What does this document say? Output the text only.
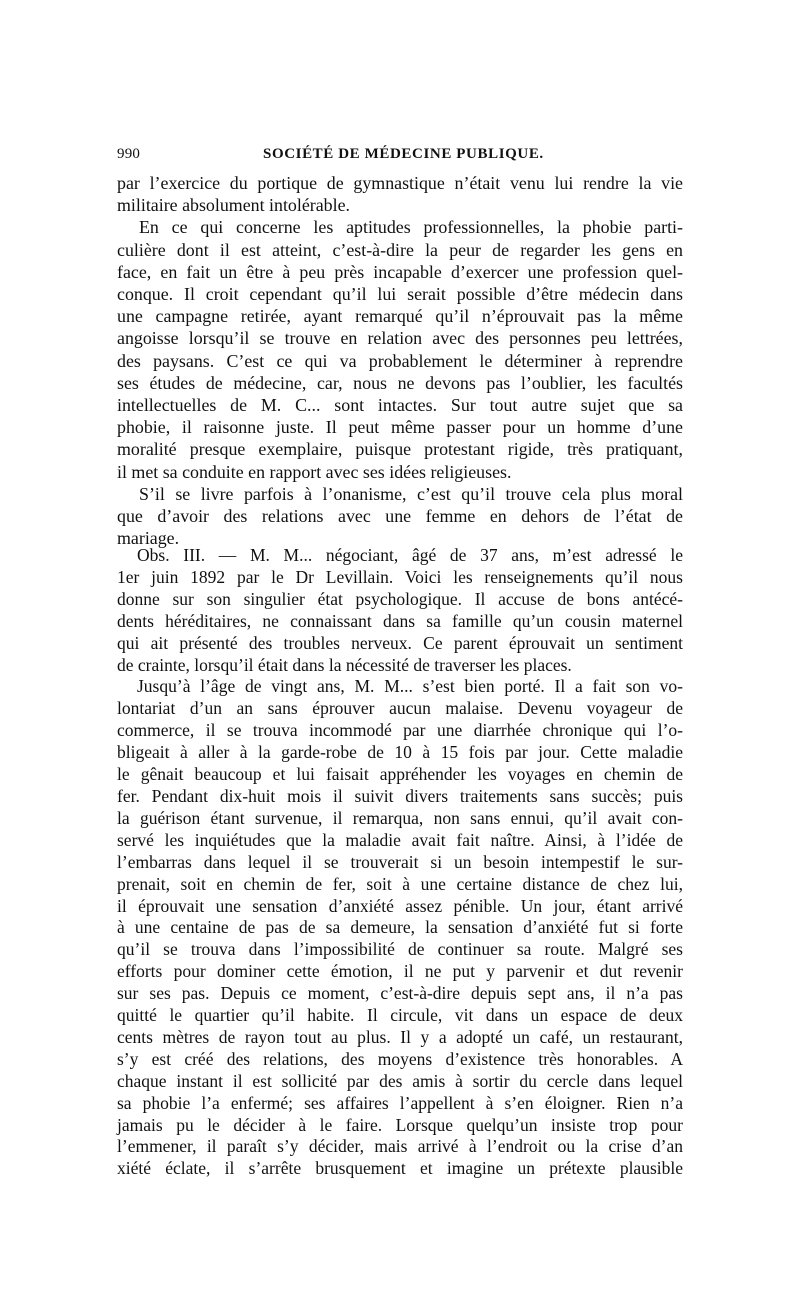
990	SOCIÉTÉ DE MÉDECINE PUBLIQUE.

par l’exercice du portique de gymnastique n’était venu lui rendre la vie
militaire absolument intolérable.

En ce qui concerne les aptitudes professionnelles, la phobie parti-
culière dont il est atteint, c’est-à-dire la peur de regarder les gens en
face, en fait un être à peu près incapable d’exercer une profession quel-
conque. Il croit cependant qu’il lui serait possible d’être médecin dans
une campagne retirée, ayant remarqué qu’il n’éprouvait pas la même
angoisse lorsqu’il se trouve en relation avec des personnes peu lettrées,
des paysans. C’est ce qui va probablement le déterminer à reprendre
ses études de médecine, car, nous ne devons pas l’oublier, les facultés
intellectuelles de M. C... sont intactes. Sur tout autre sujet que sa
phobie, il raisonne juste. Il peut même passer pour un homme d’une
moralité presque exemplaire, puisque protestant rigide, très pratiquant,
il met sa conduite en rapport avec ses idées religieuses.

S’il se livre parfois à l’onanisme, c’est qu’il trouve cela plus moral
que d’avoir des relations avec une femme en dehors de l’état de
mariage.

Obs. III. — M. M... négociant, âgé de 37 ans, m’est adressé le
1er juin 1892 par le Dr Levillain. Voici les renseignements qu’il nous
donne sur son singulier état psychologique. Il accuse de bons antécé-
dents héréditaires, ne connaissant dans sa famille qu’un cousin maternel
qui ait présenté des troubles nerveux. Ce parent éprouvait un sentiment
de crainte, lorsqu’il était dans la nécessité de traverser les places.

Jusqu’à l’âge de vingt ans, M. M... s’est bien porté. Il a fait son vo-
lontariat d’un an sans éprouver aucun malaise. Devenu voyageur de
commerce, il se trouva incommodé par une diarrhée chronique qui l’o-
bligeait à aller à la garde-robe de 10 à 15 fois par jour. Cette maladie
le gênait beaucoup et lui faisait appréhender les voyages en chemin de
fer. Pendant dix-huit mois il suivit divers traitements sans succès; puis
la guérison étant survenue, il remarqua, non sans ennui, qu’il avait con-
servé les inquiétudes que la maladie avait fait naître. Ainsi, à l’idée de
l’embarras dans lequel il se trouverait si un besoin intempestif le sur-
prenait, soit en chemin de fer, soit à une certaine distance de chez lui,
il éprouvait une sensation d’anxiété assez pénible. Un jour, étant arrivé
à une centaine de pas de sa demeure, la sensation d’anxiété fut si forte
qu’il se trouva dans l’impossibilité de continuer sa route. Malgré ses
efforts pour dominer cette émotion, il ne put y parvenir et dut revenir
sur ses pas. Depuis ce moment, c’est-à-dire depuis sept ans, il n’a pas
quitté le quartier qu’il habite. Il circule, vit dans un espace de deux
cents mètres de rayon tout au plus. Il y a adopté un café, un restaurant,
s’y est créé des relations, des moyens d’existence très honorables. A
chaque instant il est sollicité par des amis à sortir du cercle dans lequel
sa phobie l’a enfermé; ses affaires l’appellent à s’en éloigner. Rien n’a
jamais pu le décider à le faire. Lorsque quelqu’un insiste trop pour
l’emmener, il paraît s’y décider, mais arrivé à l’endroit ou la crise d’an
xiété éclate, il s’arrête brusquement et imagine un prétexte plausible
